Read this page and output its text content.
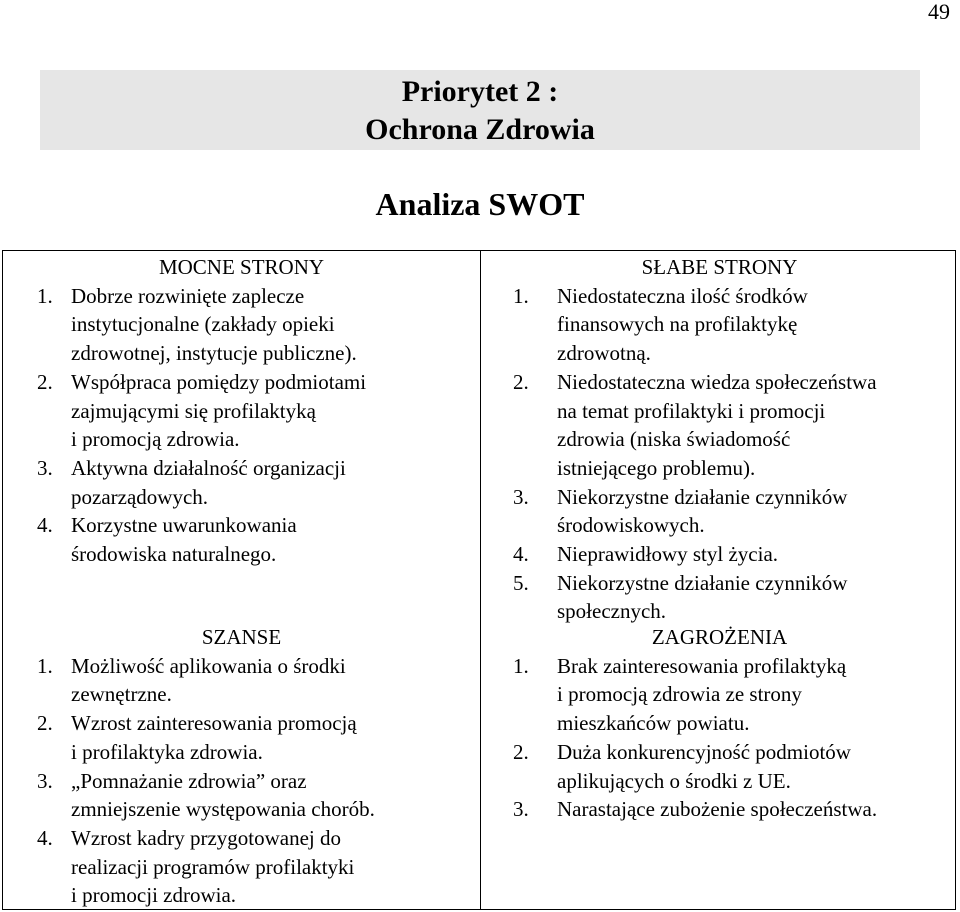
49
Priorytet 2 :
Ochrona Zdrowia
Analiza SWOT
MOCNE STRONY
1. Dobrze rozwinięte zaplecze
instytucjonalne (zakłady opieki
zdrowotnej, instytucje publiczne).
2. Współpraca pomiędzy podmiotami
zajmującymi się profilaktyką
i promocją zdrowia.
3. Aktywna działalność organizacji
pozarządowych.
4. Korzystne uwarunkowania
środowiska naturalnego.
SŁABE STRONY
1. Niedostateczna ilość środków
finansowych na profilaktykę
zdrowotną.
2. Niedostateczna wiedza społeczeństwa
na temat profilaktyki i promocji
zdrowia (niska świadomość
istniejącego problemu).
3. Niekorzystne działanie czynników
środowiskowych.
4. Nieprawidłowy styl życia.
5. Niekorzystne działanie czynników
społecznych.
SZANSE
1. Możliwość aplikowania o środki
zewnętrzne.
2. Wzrost zainteresowania promocją
i profilaktyka zdrowia.
3. „Pomnażanie zdrowia” oraz
zmniejszenie występowania chorób.
4. Wzrost kadry przygotowanej do
realizacji programów profilaktyki
i promocji zdrowia.
ZAGROŻENIA
1. Brak zainteresowania profilaktyką
i promocją zdrowia ze strony
mieszkańców powiatu.
2. Duża konkurencyjność podmiotów
aplikujących o środki z UE.
3. Narastające zubożenie społeczeństwa.
